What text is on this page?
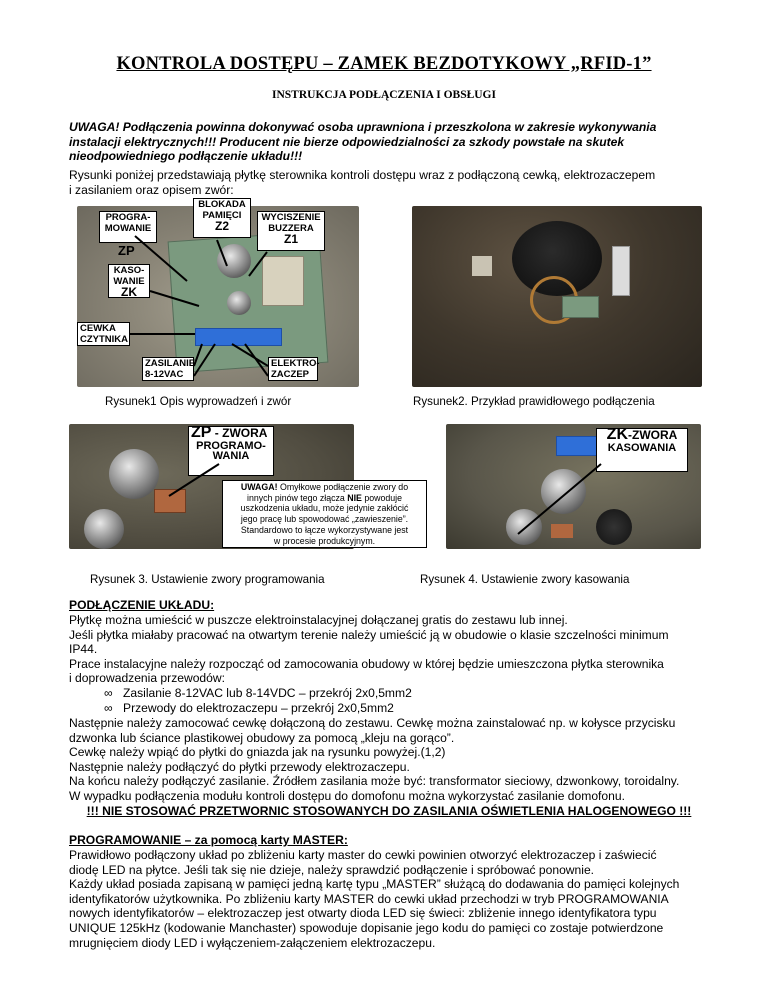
KONTROLA DOSTĘPU – ZAMEK BEZDOTYKOWY „RFID-1”
INSTRUKCJA PODŁĄCZENIA I OBSŁUGI
UWAGA! Podłączenia powinna dokonywać osoba uprawniona i przeszkolona w zakresie wykonywania
instalacji elektrycznych!!! Producent nie bierze odpowiedzialności za szkody powstałe na skutek
nieodpowiedniego podłączenie układu!!!
Rysunki poniżej przedstawiają płytkę sterownika kontroli dostępu wraz z podłączoną cewką, elektrozaczepem
i zasilaniem oraz opisem zwór:
PROGRA-
MOWANIE
ZP
BLOKADA
PAMIĘCI
Z2
WYCISZENIE
BUZZERA
Z1
KASO-
WANIE
ZK
CEWKA
CZYTNIKA
ZASILANIE
8-12VAC
ELEKTRO-
ZACZEP
Rysunek1 Opis wyprowadzeń i zwór	Rysunek2. Przykład prawidłowego podłączenia
ZP - ZWORA
PROGRAMO-
WANIA
UWAGA! Omyłkowe podłączenie zwory do
innych pinów tego złącza NIE powoduje
uszkodzenia układu, może jedynie zakłócić
jego pracę lub spowodować „zawieszenie”.
Standardowo to łącze wykorzystywane jest
w procesie produkcyjnym.
ZK-ZWORA
KASOWANIA
Rysunek 3. Ustawienie zwory programowania	Rysunek 4. Ustawienie zwory kasowania
PODŁĄCZENIE UKŁADU:
Płytkę można umieścić w puszcze elektroinstalacyjnej dołączanej gratis do zestawu lub innej.
Jeśli płytka miałaby pracować na otwartym terenie należy umieścić ją w obudowie o klasie szczelności minimum
IP44.
Prace instalacyjne należy rozpocząć od zamocowania obudowy w której będzie umieszczona płytka sterownika
i doprowadzenia przewodów:
∞ Zasilanie 8-12VAC lub 8-14VDC – przekrój 2x0,5mm2
∞ Przewody do elektrozaczepu – przekrój 2x0,5mm2
Następnie należy zamocować cewkę dołączoną do zestawu. Cewkę można zainstalować np. w kołysce przycisku
dzwonka lub ściance plastikowej obudowy za pomocą „kleju na gorąco”.
Cewkę należy wpiąć do płytki do gniazda jak na rysunku powyżej.(1,2)
Następnie należy podłączyć do płytki przewody elektrozaczepu.
Na końcu należy podłączyć zasilanie. Źródłem zasilania może być: transformator sieciowy, dzwonkowy, toroidalny.
W wypadku podłączenia modułu kontroli dostępu do domofonu można wykorzystać zasilanie domofonu.
!!! NIE STOSOWAĆ PRZETWORNIC STOSOWANYCH DO ZASILANIA OŚWIETLENIA HALOGENOWEGO !!!
PROGRAMOWANIE – za pomocą karty MASTER:
Prawidłowo podłączony układ po zbliżeniu karty master do cewki powinien otworzyć elektrozaczep i zaświecić
diodę LED na płytce. Jeśli tak się nie dzieje, należy sprawdzić podłączenie i spróbować ponownie.
Każdy układ posiada zapisaną w pamięci jedną kartę typu „MASTER” służącą do dodawania do pamięci kolejnych
identyfikatorów użytkownika. Po zbliżeniu karty MASTER do cewki układ przechodzi w tryb PROGRAMOWANIA
nowych identyfikatorów – elektrozaczep jest otwarty dioda LED się świeci: zbliżenie innego identyfikatora typu
UNIQUE 125kHz (kodowanie Manchaster) spowoduje dopisanie jego kodu do pamięci co zostaje potwierdzone
mrugnięciem diody LED i wyłączeniem-załączeniem elektrozaczepu.
